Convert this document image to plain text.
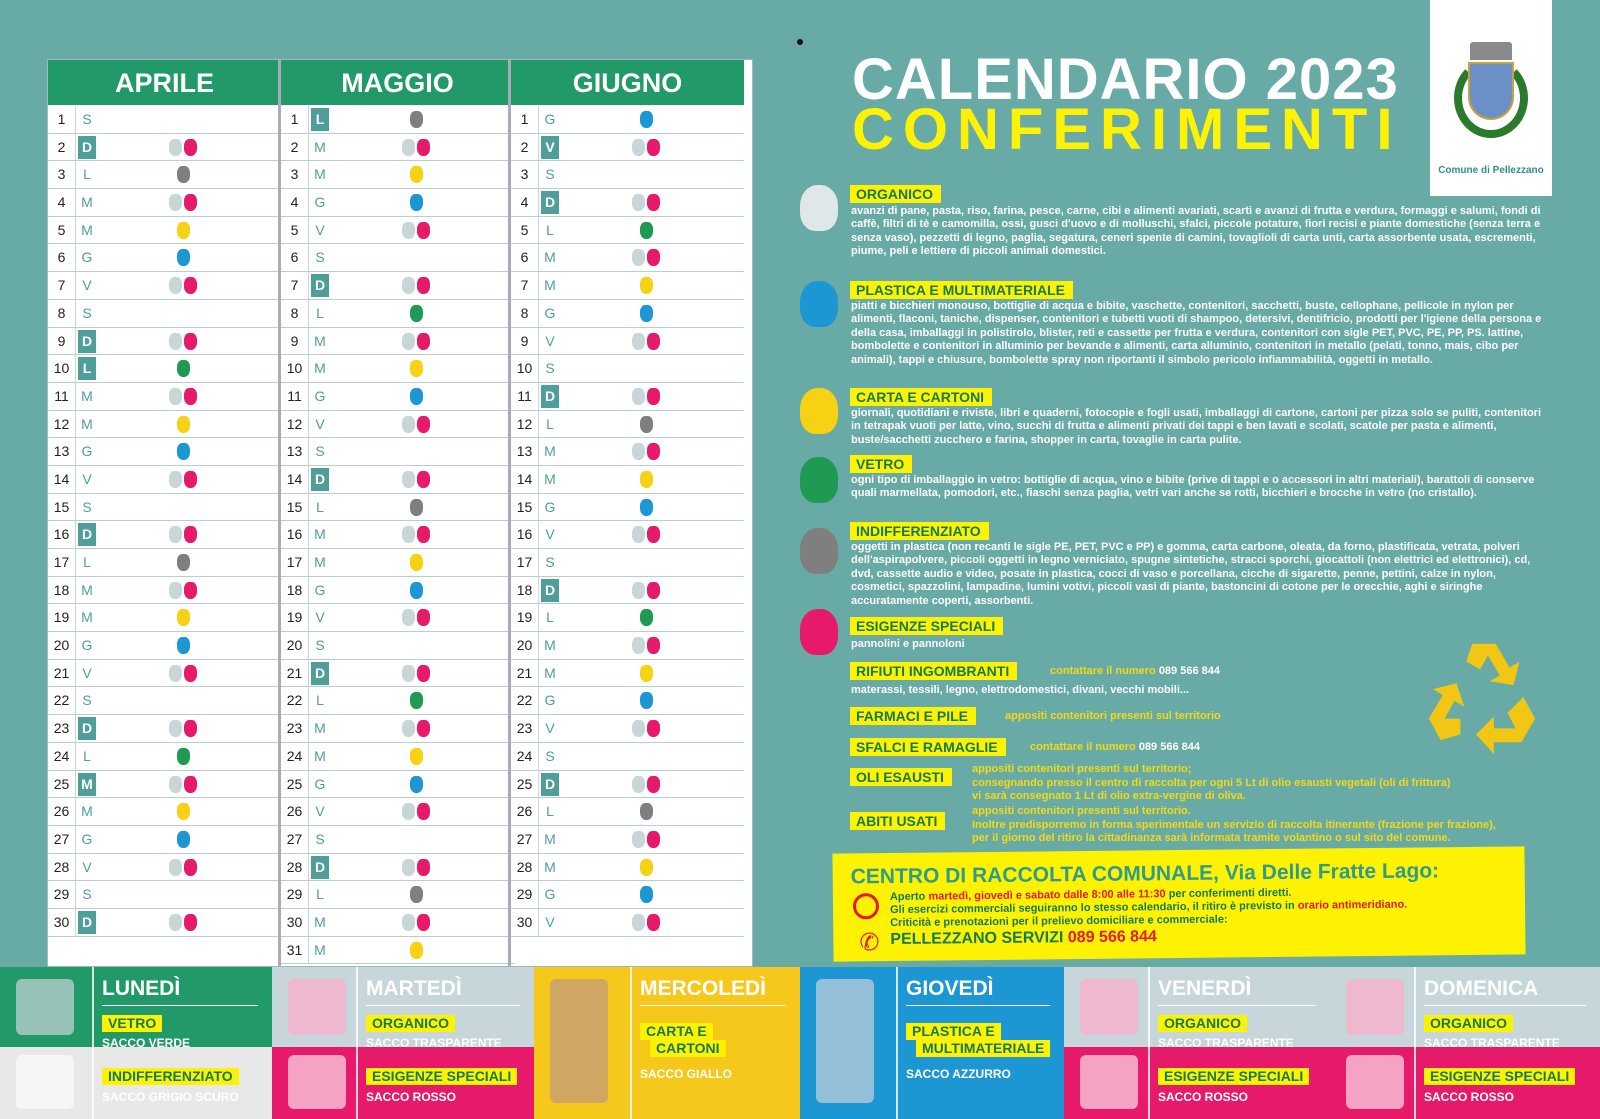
APRILE
1	S
2	D
3	L
4	M
5	M
6	G
7	V
8	S
9	D
10 L
11 M
12 M
13 G
14 V
15 S
16 D
17 L
18 M
19 M
20 G
21 V
22 S
23 D
24 L
25 M
26 M
27 G
28 V
29 S
30 D
MAGGIO
1	L
2	M
3	M
4	G
5	V
6	S
7	D
8	L
9	M
10 M
11 G
12 V
13 S
14 D
15 L
16 M
17 M
18 G
19 V
20 S
21 D
22 L
23 M
24 M
25 G
26 V
27 S
28 D
29 L
30 M
31 M
GIUGNO
1	G
2	V
3	S
4	D
5	L
6	M
7	M
8	G
9	V
10 S
11 D
12 L
13 M
14 M
15 G
16 V
17 S
18 D
19 L
20 M
21 M
22 G
23 V
24 S
25 D
26 L
27 M
28 M
29 G
30 V
CALENDARIO 2023
CONFERIMENTI
Comune di Pellezzano
ORGANICO
avanzi di pane, pasta, riso, farina, pesce, carne, cibi e alimenti avariati, scarti e avanzi di frutta e verdura, formaggi e salumi, fondi di caffè, filtri di tè e camomilla, ossi, gusci d'uovo e di molluschi, sfalci, piccole potature, fiori recisi e piante domestiche (senza terra e senza vaso), pezzetti di legno, paglia, segatura, ceneri spente di camini, tovaglioli di carta unti, carta assorbente usata, escrementi, piume, peli e lettiere di piccoli animali domestici.
PLASTICA E MULTIMATERIALE
piatti e bicchieri monouso, bottiglie di acqua e bibite, vaschette, contenitori, sacchetti, buste, cellophane, pellicole in nylon per alimenti, flaconi, taniche, dispenser, contenitori e tubetti vuoti di shampoo, detersivi, dentifricio, prodotti per l'igiene della persona e della casa, imballaggi in polistirolo, blister, reti e cassette per frutta e verdura, contenitori con sigle PET, PVC, PE, PP, PS. lattine, bombolette e contenitori in alluminio per bevande e alimenti, carta alluminio, contenitori in metallo (pelati, tonno, mais, cibo per animali), tappi e chiusure, bombolette spray non riportanti il simbolo pericolo infiammabilità, oggetti in metallo.
CARTA E CARTONI
giornali, quotidiani e riviste, libri e quaderni, fotocopie e fogli usati, imballaggi di cartone, cartoni per pizza solo se puliti, contenitori in tetrapak vuoti per latte, vino, succhi di frutta e alimenti privati dei tappi e ben lavati e scolati, scatole per pasta e alimenti, buste/sacchetti zucchero e farina, shopper in carta, tovaglie in carta pulite.
VETRO
ogni tipo di imballaggio in vetro: bottiglie di acqua, vino e bibite (prive di tappi e o accessori in altri materiali), barattoli di conserve quali marmellata, pomodori, etc., fiaschi senza paglia, vetri vari anche se rotti, bicchieri e brocche in vetro (no cristallo).
INDIFFERENZIATO
oggetti in plastica (non recanti le sigle PE, PET, PVC e PP) e gomma, carta carbone, oleata, da forno, plastificata, vetrata, polveri dell'aspirapolvere, piccoli oggetti in legno verniciato, spugne sintetiche, stracci sporchi, giocattoli (non elettrici ed elettronici), cd, dvd, cassette audio e video, posate in plastica, cocci di vaso e porcellana, cicche di sigarette, penne, pettini, calze in nylon, cosmetici, spazzolini, lampadine, lumini votivi, piccoli vasi di piante, bastoncini di cotone per le orecchie, aghi e siringhe accuratamente coperti, assorbenti.
ESIGENZE SPECIALI
pannolini e pannoloni
RIFIUTI INGOMBRANTI	contattare il numero 089 566 844
materassi, tessili, legno, elettrodomestici, divani, vecchi mobili...
FARMACI E PILE	appositi contenitori presenti sul territorio
SFALCI E RAMAGLIE	contattare il numero 089 566 844
OLI ESAUSTI	appositi contenitori presenti sul territorio;
consegnando presso il centro di raccolta per ogni 5 Lt di olio esausti vegetali (oli di frittura)
vi sarà consegnato 1 Lt di olio extra-vergine di oliva.
ABITI USATI
appositi contenitori presenti sul territorio.
Inoltre predisporremo in forma sperimentale un servizio di raccolta itinerante (frazione per frazione),
per il giorno del ritiro la cittadinanza sarà informata tramite volantino o sul sito del comune.
CENTRO DI RACCOLTA COMUNALE, Via Delle Fratte Lago:
Aperto martedì, giovedì e sabato dalle 8:00 alle 11:30 per conferimenti diretti.
Gli esercizi commerciali seguiranno lo stesso calendario, il ritiro è previsto in orario antimeridiano.
Criticità e prenotazioni per il prelievo domiciliare e commerciale:
✆ PELLEZZANO SERVIZI 089 566 844
LUNEDÌ
VETRO
SACCO VERDE
INDIFFERENZIATO
SACCO GRIGIO SCURO
MARTEDÌ
ORGANICO
SACCO TRASPARENTE
ESIGENZE SPECIALI
SACCO ROSSO
MERCOLEDÌ
CARTA E
CARTONI
SACCO GIALLO
GIOVEDÌ
PLASTICA E
MULTIMATERIALE
SACCO AZZURRO
VENERDÌ
ORGANICO
SACCO TRASPARENTE
ESIGENZE SPECIALI
SACCO ROSSO
DOMENICA
ORGANICO
SACCO TRASPARENTE
ESIGENZE SPECIALI
SACCO ROSSO
